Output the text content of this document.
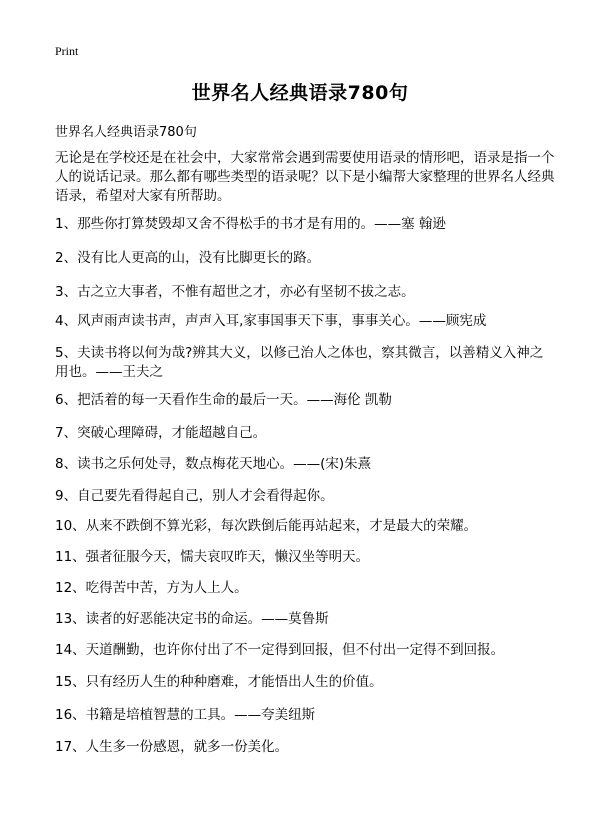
Print
世界名人经典语录780句
世界名人经典语录780句

无论是在学校还是在社会中，大家常常会遇到需要使用语录的情形吧，语录是指一个人的说话记录。那么都有哪些类型的语录呢？以下是小编帮大家整理的世界名人经典语录，希望对大家有所帮助。

1、那些你打算焚毁却又舍不得松手的书才是有用的。——塞 翰逊
2、没有比人更高的山，没有比脚更长的路。
3、古之立大事者，不惟有超世之才，亦必有坚韧不拔之志。
4、风声雨声读书声，声声入耳,家事国事天下事，事事关心。——顾宪成
5、夫读书将以何为哉?辨其大义，以修己治人之体也，察其微言，以善精义入神之用也。——王夫之
6、把活着的每一天看作生命的最后一天。——海伦 凯勒
7、突破心理障碍，才能超越自己。
8、读书之乐何处寻，数点梅花天地心。——(宋)朱熹
9、自己要先看得起自己，别人才会看得起你。
10、从来不跌倒不算光彩，每次跌倒后能再站起来，才是最大的荣耀。
11、强者征服今天，懦夫哀叹昨天，懒汉坐等明天。
12、吃得苦中苦，方为人上人。
13、读者的好恶能决定书的命运。——莫鲁斯
14、天道酬勤，也许你付出了不一定得到回报，但不付出一定得不到回报。
15、只有经历人生的种种磨难，才能悟出人生的价值。
16、书籍是培植智慧的工具。——夸美纽斯
17、人生多一份感恩，就多一份美化。
